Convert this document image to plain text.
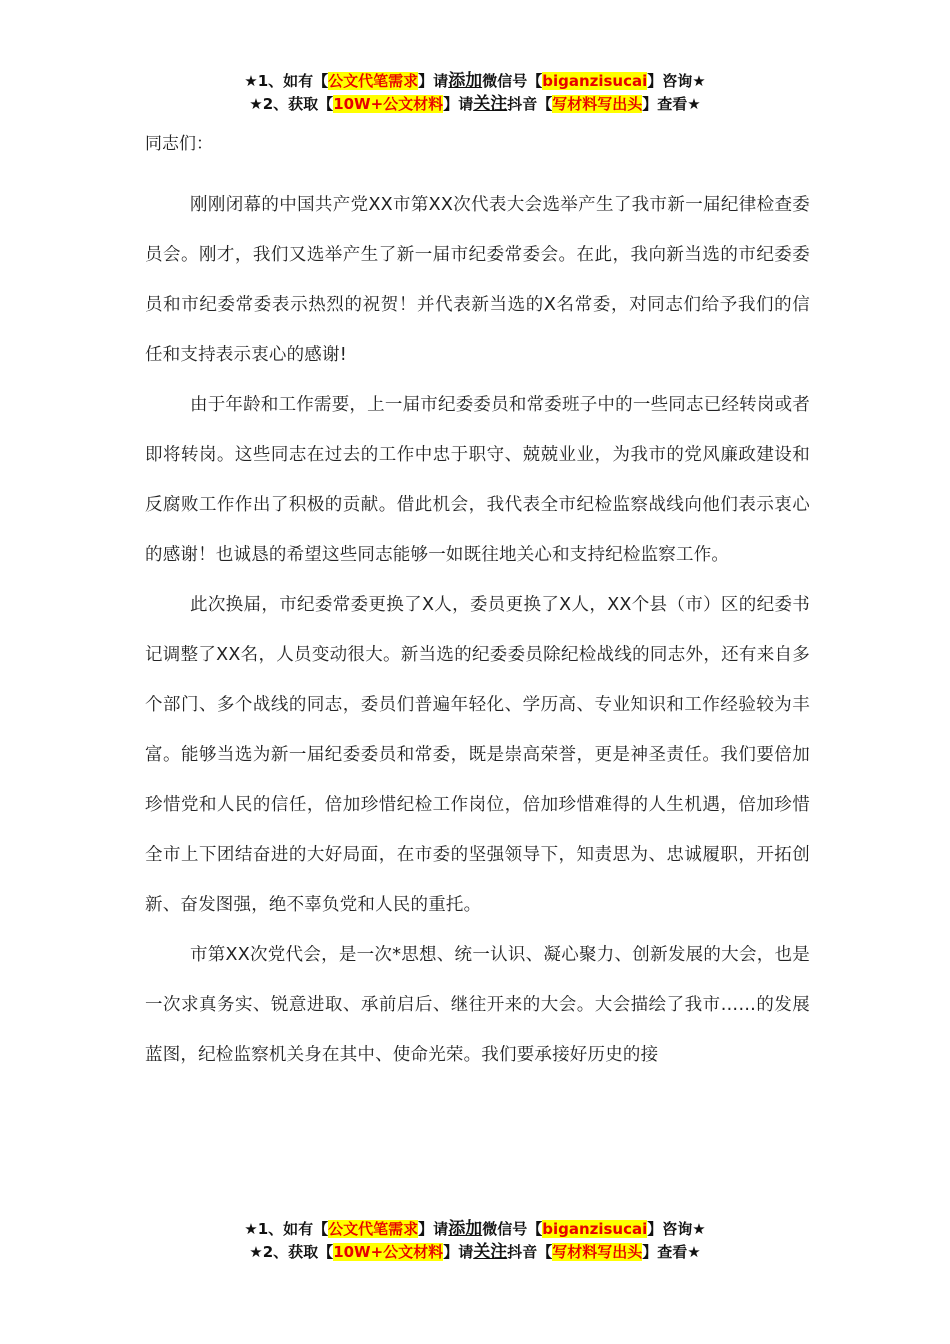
★1、如有【公文代笔需求】请添加微信号【biganzisucai】咨询★
★2、获取【10W+公文材料】请关注抖音【写材料写出头】查看★
同志们：

刚刚闭幕的中国共产党XX市第XX次代表大会选举产生了我市新一届纪律检查委员会。刚才，我们又选举产生了新一届市纪委常委会。在此，我向新当选的市纪委委员和市纪委常委表示热烈的祝贺！并代表新当选的X名常委，对同志们给予我们的信任和支持表示衷心的感谢!

由于年龄和工作需要，上一届市纪委委员和常委班子中的一些同志已经转岗或者即将转岗。这些同志在过去的工作中忠于职守、兢兢业业，为我市的党风廉政建设和反腐败工作作出了积极的贡献。借此机会，我代表全市纪检监察战线向他们表示衷心的感谢！也诚恳的希望这些同志能够一如既往地关心和支持纪检监察工作。

此次换届，市纪委常委更换了X人，委员更换了X人，XX个县（市）区的纪委书记调整了XX名，人员变动很大。新当选的纪委委员除纪检战线的同志外，还有来自多个部门、多个战线的同志，委员们普遍年轻化、学历高、专业知识和工作经验较为丰富。能够当选为新一届纪委委员和常委，既是崇高荣誉，更是神圣责任。我们要倍加珍惜党和人民的信任，倍加珍惜纪检工作岗位，倍加珍惜难得的人生机遇，倍加珍惜全市上下团结奋进的大好局面，在市委的坚强领导下，知责思为、忠诚履职，开拓创新、奋发图强，绝不辜负党和人民的重托。

市第XX次党代会，是一次*思想、统一认识、凝心聚力、创新发展的大会，也是一次求真务实、锐意进取、承前启后、继往开来的大会。大会描绘了我市……的发展蓝图，纪检监察机关身在其中、使命光荣。我们要承接好历史的接

★1、如有【公文代笔需求】请添加微信号【biganzisucai】咨询★
★2、获取【10W+公文材料】请关注抖音【写材料写出头】查看★
